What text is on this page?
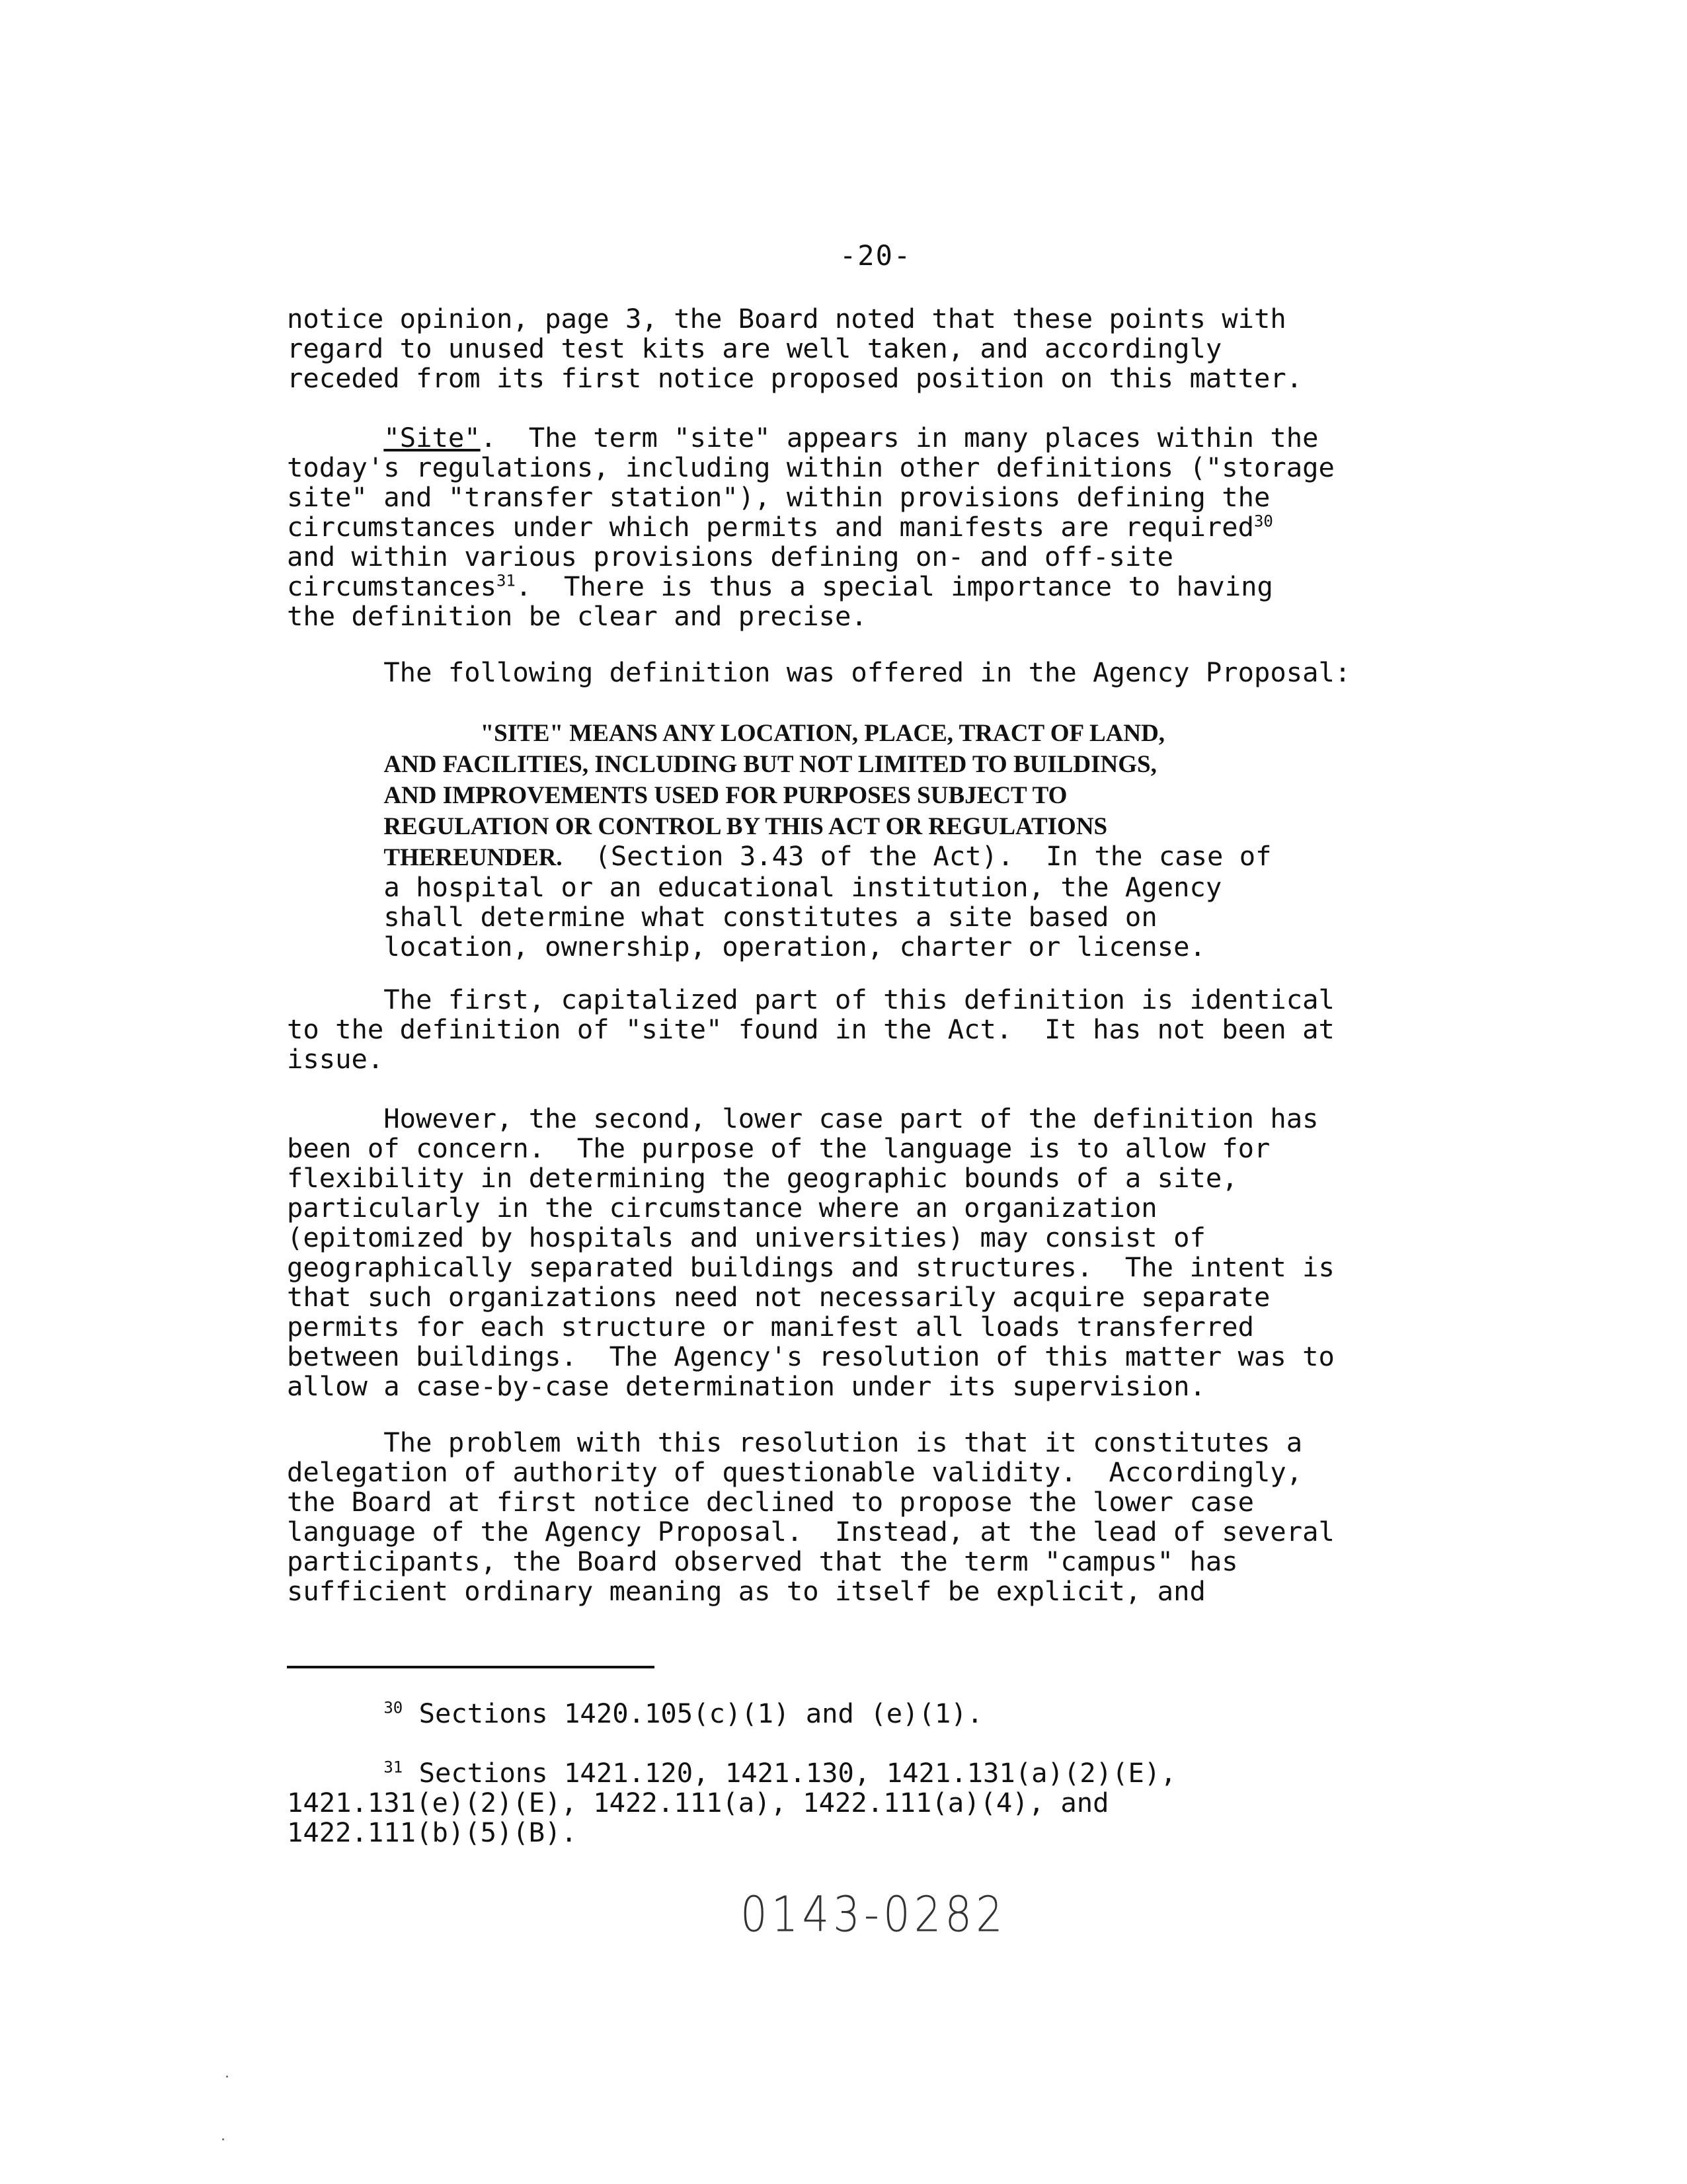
-20-

notice opinion, page 3, the Board noted that these points with
regard to unused test kits are well taken, and accordingly
receded from its first notice proposed position on this matter.

"Site".  The term "site" appears in many places within the
today's regulations, including within other definitions ("storage
site" and "transfer station"), within provisions defining the
circumstances under which permits and manifests are required$^{30}$
and within various provisions defining on- and off-site
circumstances$^{31}$.  There is thus a special importance to having
the definition be clear and precise.

The following definition was offered in the Agency Proposal:

"SITE" MEANS ANY LOCATION, PLACE, TRACT OF LAND,
AND FACILITIES, INCLUDING BUT NOT LIMITED TO BUILDINGS,
AND IMPROVEMENTS USED FOR PURPOSES SUBJECT TO
REGULATION OR CONTROL BY THIS ACT OR REGULATIONS
THEREUNDER.  (Section 3.43 of the Act).  In the case of
a hospital or an educational institution, the Agency
shall determine what constitutes a site based on
location, ownership, operation, charter or license.

The first, capitalized part of this definition is identical
to the definition of "site" found in the Act.  It has not been at
issue.

However, the second, lower case part of the definition has
been of concern.  The purpose of the language is to allow for
flexibility in determining the geographic bounds of a site,
particularly in the circumstance where an organization
(epitomized by hospitals and universities) may consist of
geographically separated buildings and structures.  The intent is
that such organizations need not necessarily acquire separate
permits for each structure or manifest all loads transferred
between buildings.  The Agency's resolution of this matter was to
allow a case-by-case determination under its supervision.

The problem with this resolution is that it constitutes a
delegation of authority of questionable validity.  Accordingly,
the Board at first notice declined to propose the lower case
language of the Agency Proposal.  Instead, at the lead of several
participants, the Board observed that the term "campus" has
sufficient ordinary meaning as to itself be explicit, and

$^{30}$ Sections 1420.105(c)(1) and (e)(1).

$^{31}$ Sections 1421.120, 1421.130, 1421.131(a)(2)(E),
1421.131(e)(2)(E), 1422.111(a), 1422.111(a)(4), and
1422.111(b)(5)(B).

0143-0282
